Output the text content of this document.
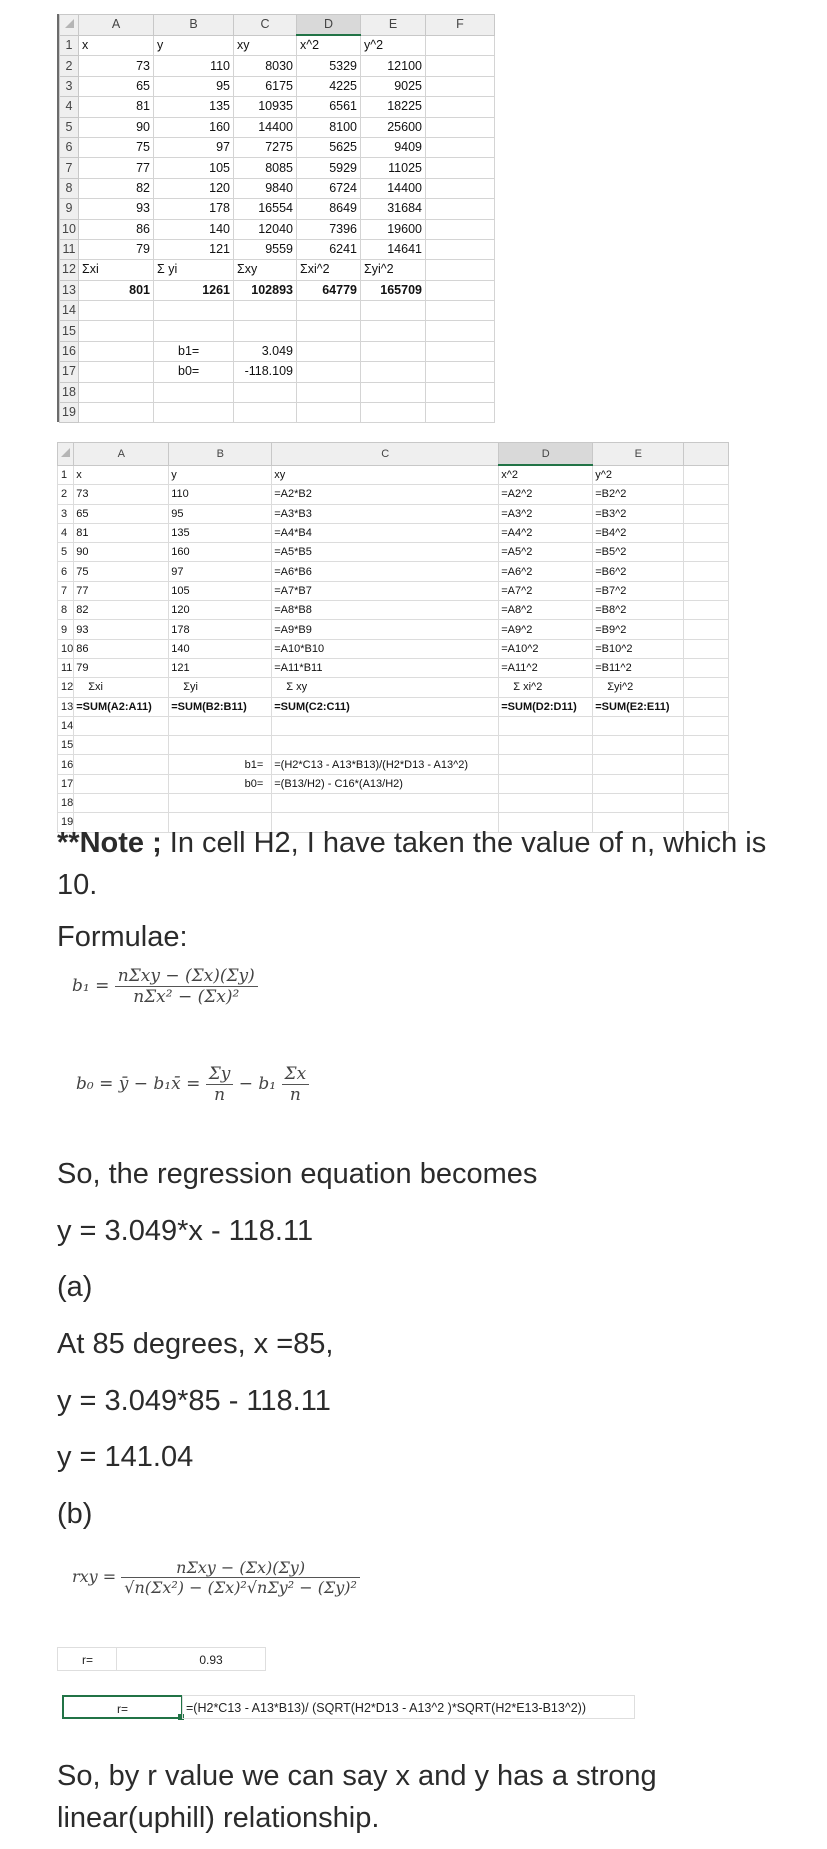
	A	B	C	D	E	F
1	x	y	xy	x^2	y^2	
2	73	110	8030	5329	12100	
3	65	95	6175	4225	9025	
4	81	135	10935	6561	18225	
5	90	160	14400	8100	25600	
6	75	97	7275	5625	9409	
7	77	105	8085	5929	11025	
8	82	120	9840	6724	14400	
9	93	178	16554	8649	31684	
10	86	140	12040	7396	19600	
11	79	121	9559	6241	14641	
12	Σxi	Σ yi	Σxy	Σxi^2	Σyi^2	
13	801	1261	102893	64779	165709	
14						
15						
16		b1=	3.049			
17		b0=	-118.109			
18						
19						
	A	B	C	D	E	
1	x	y	xy	x^2	y^2	
2	73	110	=A2*B2	=A2^2	=B2^2	
3	65	95	=A3*B3	=A3^2	=B3^2	
4	81	135	=A4*B4	=A4^2	=B4^2	
5	90	160	=A5*B5	=A5^2	=B5^2	
6	75	97	=A6*B6	=A6^2	=B6^2	
7	77	105	=A7*B7	=A7^2	=B7^2	
8	82	120	=A8*B8	=A8^2	=B8^2	
9	93	178	=A9*B9	=A9^2	=B9^2	
10	86	140	=A10*B10	=A10^2	=B10^2	
11	79	121	=A11*B11	=A11^2	=B11^2	
12	Σxi	Σyi	Σ xy	Σ xi^2	Σyi^2	
13	=SUM(A2:A11)	=SUM(B2:B11)	=SUM(C2:C11)	=SUM(D2:D11)	=SUM(E2:E11)	
14						
15						
16		b1=	=(H2*C13 - A13*B13)/(H2*D13 - A13^2)			
17		b0=	=(B13/H2) - C16*(A13/H2)			
18						
19						
**Note ; In cell H2, I have taken the value of n, which is 10.
Formulae:
$b_1 = \frac{\text{nΣxy − (Σx)(Σy)}}{\text{nΣx² − (Σx)²}}$
b₀ = ȳ − b₁x̄ = $\frac{\Sigma y}{n} - b_1 \frac{\Sigma x}{n}$
So, the regression equation becomes
y = 3.049*x - 118.11
(a)
At 85 degrees, x =85,
y = 3.049*85 - 118.11
y = 141.04
(b)
rxy = $\frac{\text{nΣxy − (Σx)(Σy)}}{\text{√n(Σx²) − (Σx)²√nΣy² − (Σy)²}}$
r=	0.93
r=	=(H2*C13 - A13*B13)/ (SQRT(H2*D13 - A13^2 )*SQRT(H2*E13-B13^2))
So, by r value we can say x and y has a strong linear(uphill) relationship.
